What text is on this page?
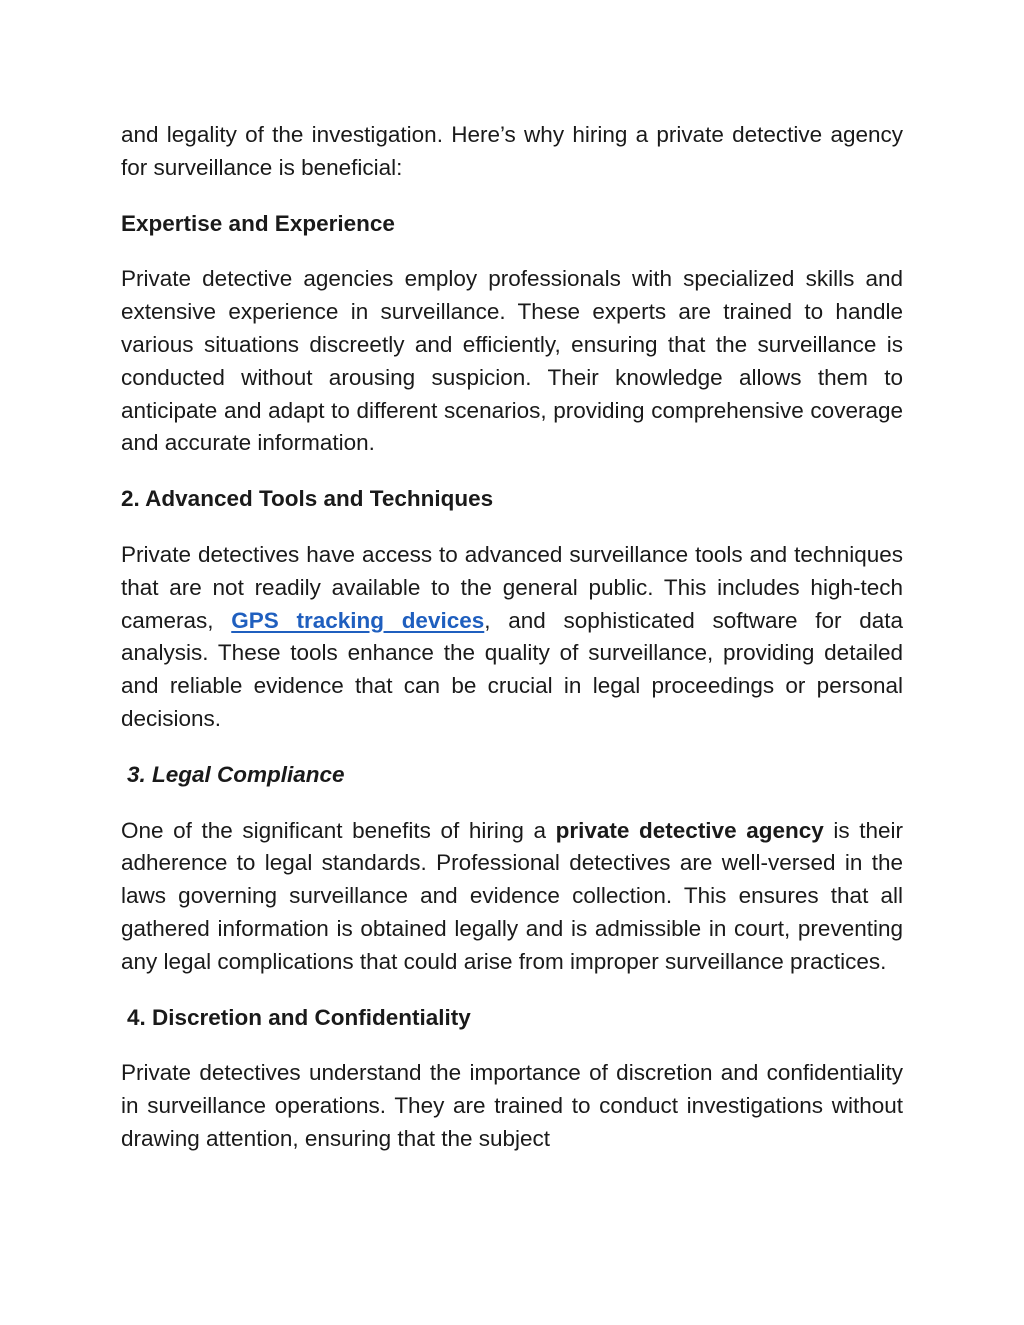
and legality of the investigation. Here’s why hiring a private detective agency for surveillance is beneficial:

Expertise and Experience

Private detective agencies employ professionals with specialized skills and extensive experience in surveillance. These experts are trained to handle various situations discreetly and efficiently, ensuring that the surveillance is conducted without arousing suspicion. Their knowledge allows them to anticipate and adapt to different scenarios, providing comprehensive coverage and accurate information.

2. Advanced Tools and Techniques

Private detectives have access to advanced surveillance tools and techniques that are not readily available to the general public. This includes high-tech cameras, GPS tracking devices, and sophisticated software for data analysis. These tools enhance the quality of surveillance, providing detailed and reliable evidence that can be crucial in legal proceedings or personal decisions.

3. Legal Compliance

One of the significant benefits of hiring a private detective agency is their adherence to legal standards. Professional detectives are well-versed in the laws governing surveillance and evidence collection. This ensures that all gathered information is obtained legally and is admissible in court, preventing any legal complications that could arise from improper surveillance practices.

4. Discretion and Confidentiality

Private detectives understand the importance of discretion and confidentiality in surveillance operations. They are trained to conduct investigations without drawing attention, ensuring that the subject
